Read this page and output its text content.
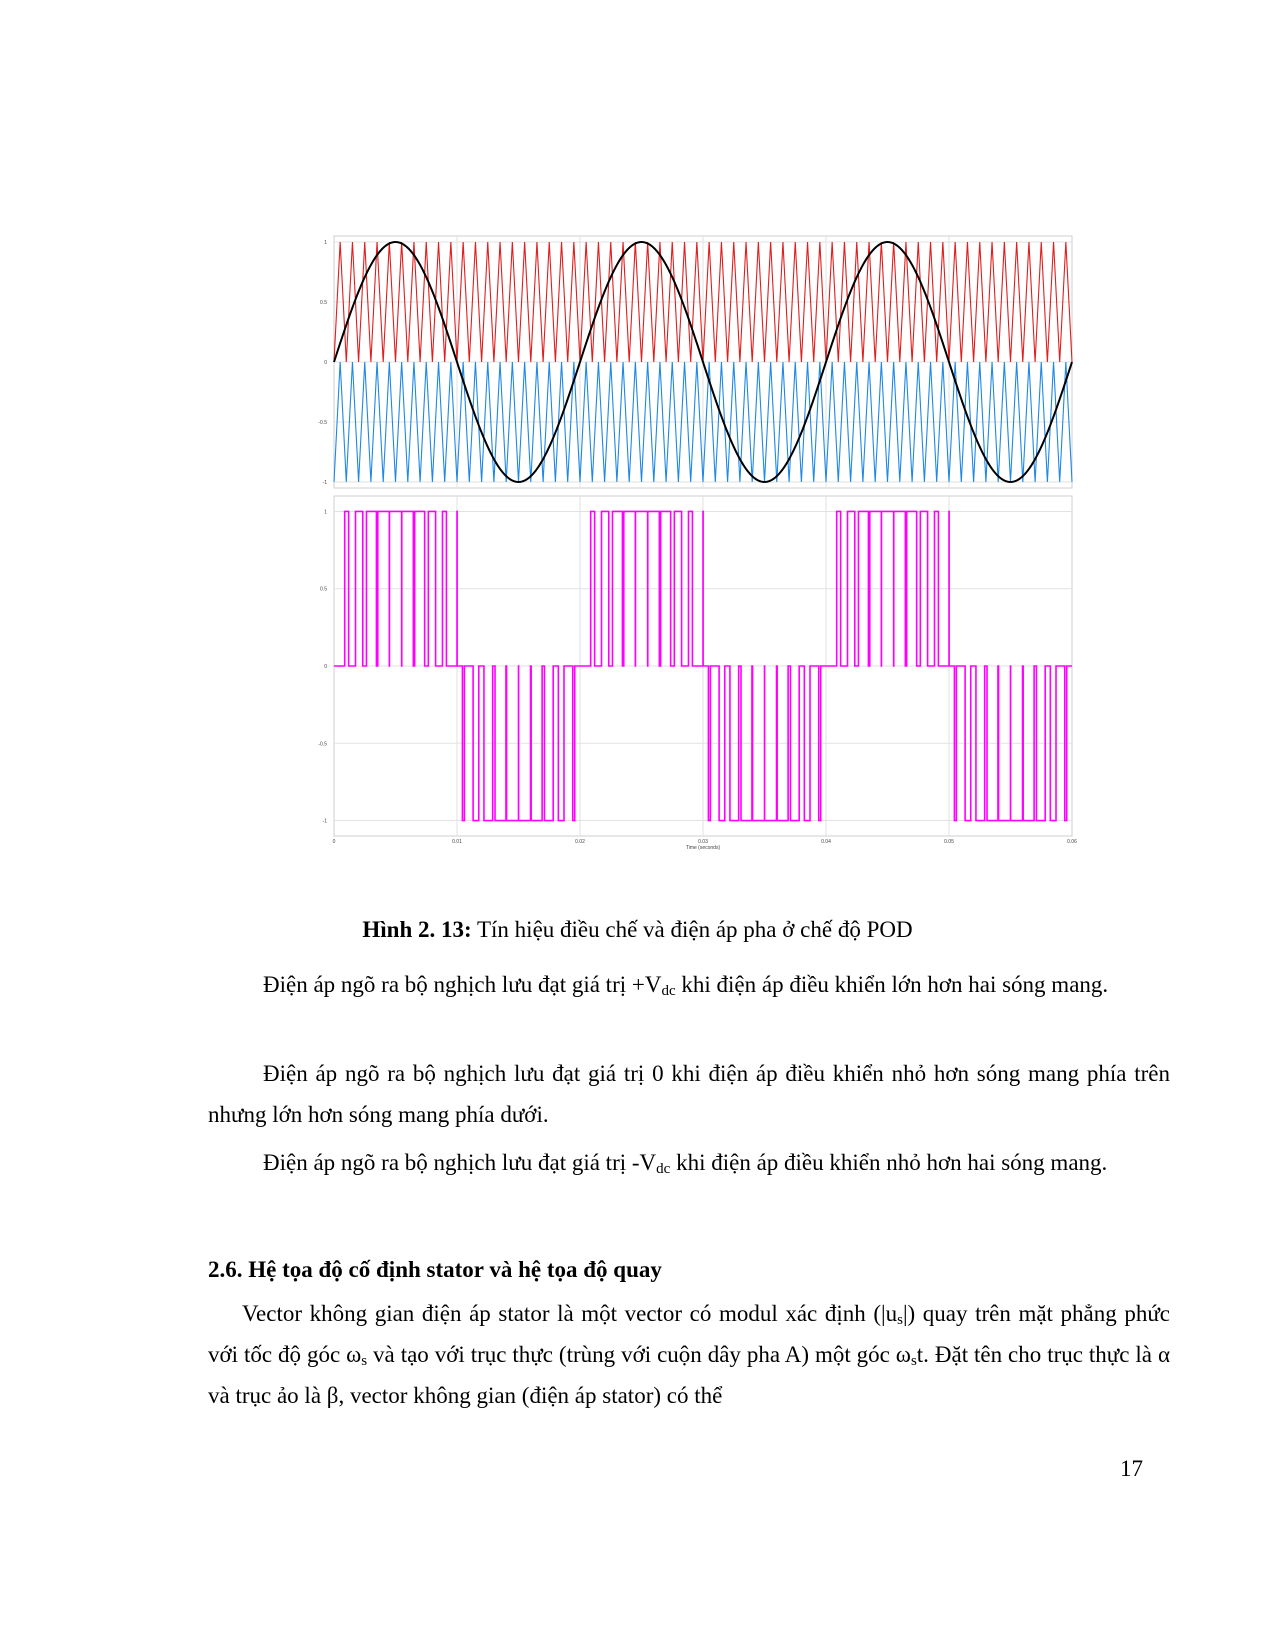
1
0.5
0
-0.5
-1
1
0.5
0
-0.5
-1
0	0.01	0.02	0.03	0.04	0.05	0.06
Time (seconds)
Hình 2. 13: Tín hiệu điều chế và điện áp pha ở chế độ POD
Điện áp ngõ ra bộ nghịch lưu đạt giá trị $+V_{dc}$ khi điện áp điều khiển lớn hơn hai sóng mang.
Điện áp ngõ ra bộ nghịch lưu đạt giá trị 0 khi điện áp điều khiển nhỏ hơn sóng mang phía trên nhưng lớn hơn sóng mang phía dưới.
Điện áp ngõ ra bộ nghịch lưu đạt giá trị $-V_{dc}$ khi điện áp điều khiển nhỏ hơn hai sóng mang.
2.6. Hệ tọa độ cố định stator và hệ tọa độ quay
Vector không gian điện áp stator là một vector có modul xác định $(|u_s|)$ quay trên mặt phẳng phức với tốc độ góc $\omega_s$ và tạo với trục thực (trùng với cuộn dây pha A) một góc $\omega_st$. Đặt tên cho trục thực là α và trục ảo là β, vector không gian (điện áp stator) có thể
17
